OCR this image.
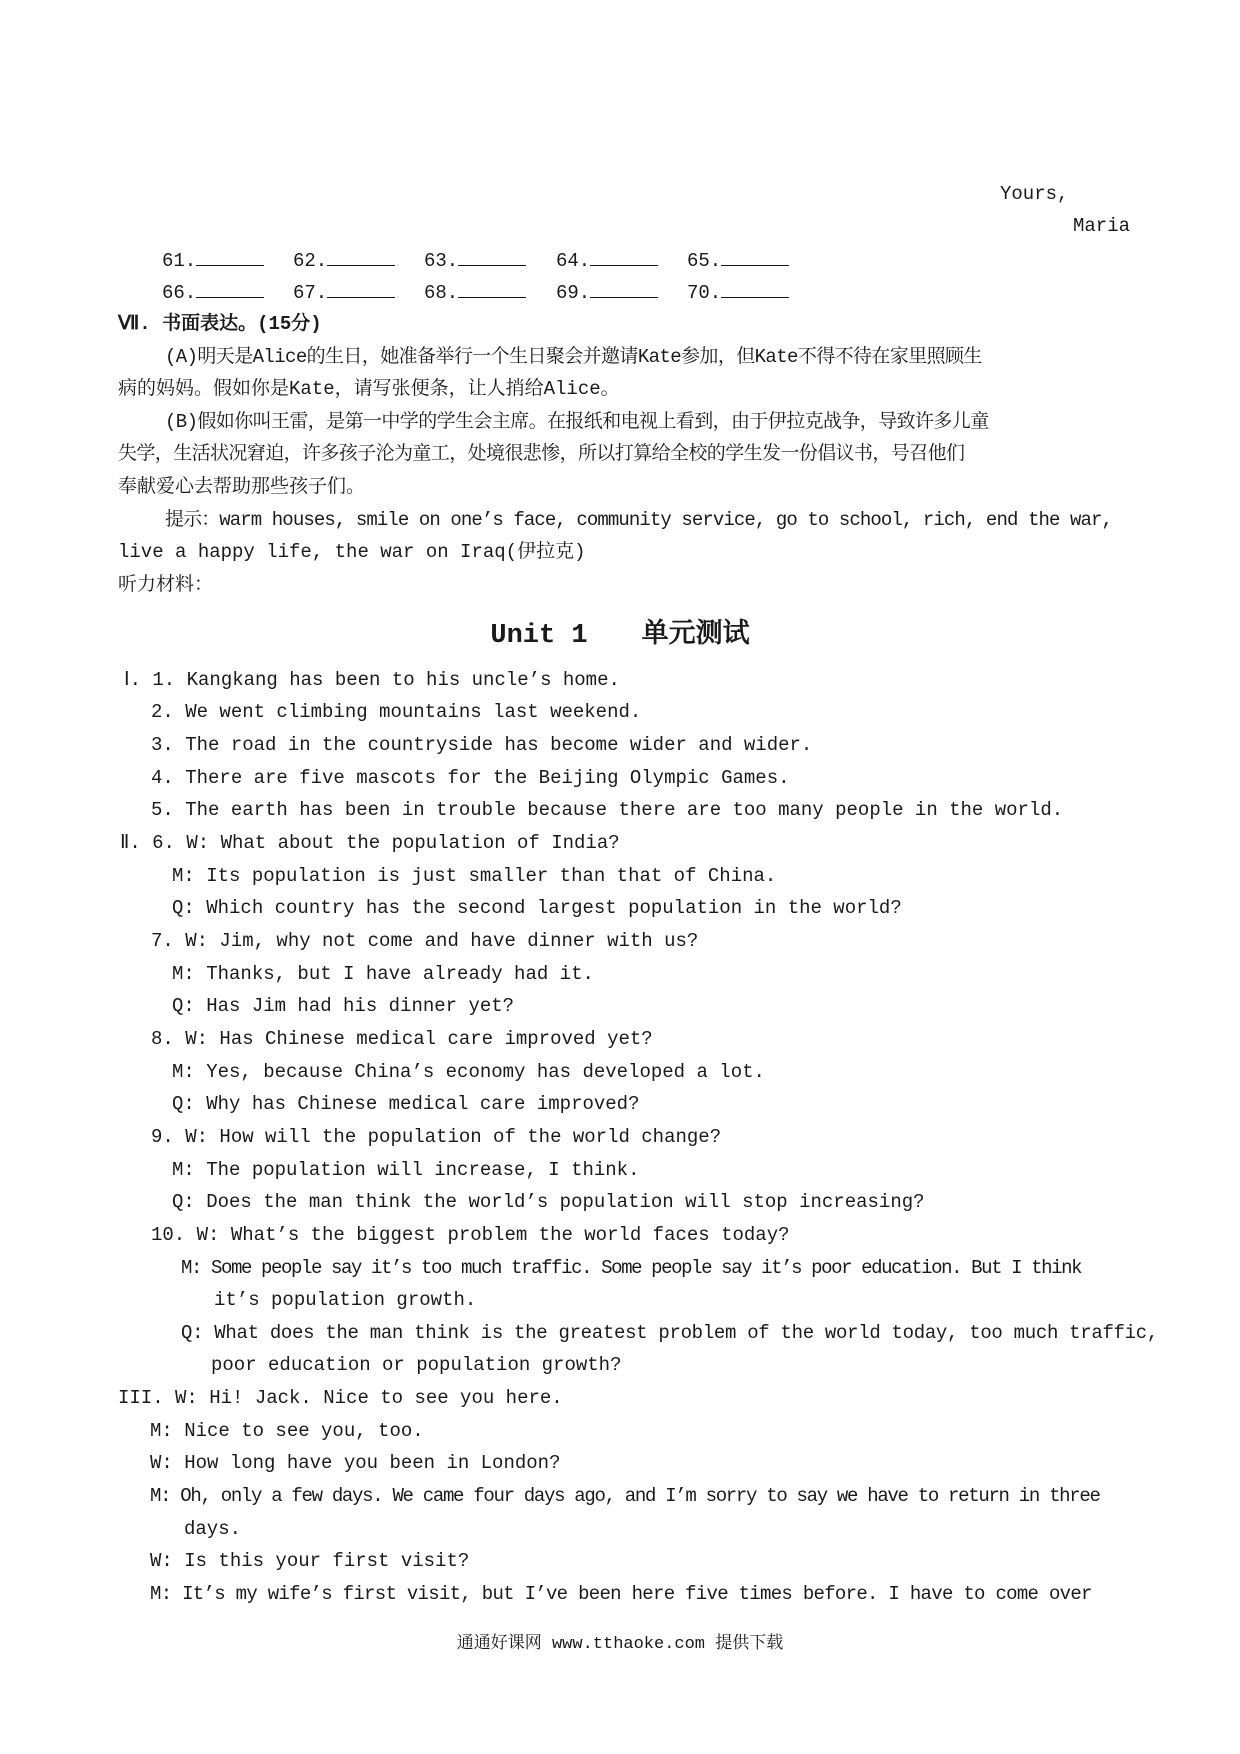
Yours,
Maria
61.	62.	63.	64.	65.
66.	67.	68.	69.	70.
Ⅶ. 书面表达。(15分)
(A)明天是Alice的生日，她准备举行一个生日聚会并邀请Kate参加，但Kate不得不待在家里照顾生
病的妈妈。假如你是Kate，请写张便条，让人捎给Alice。
(B)假如你叫王雷，是第一中学的学生会主席。在报纸和电视上看到，由于伊拉克战争，导致许多儿童
失学，生活状况窘迫，许多孩子沦为童工，处境很悲惨，所以打算给全校的学生发一份倡议书，号召他们
奉献爱心去帮助那些孩子们。
提示：warm houses, smile on one’s face, community service, go to school, rich, end the war,
live a happy life, the war on Iraq(伊拉克)
听力材料：
Unit 1　　单元测试
Ⅰ. 1. Kangkang has been to his uncle’s home.
2. We went climbing mountains last weekend.
3. The road in the countryside has become wider and wider.
4. There are five mascots for the Beijing Olympic Games.
5. The earth has been in trouble because there are too many people in the world.
Ⅱ. 6. W: What about the population of India?
M: Its population is just smaller than that of China.
Q: Which country has the second largest population in the world?
7. W: Jim, why not come and have dinner with us?
M: Thanks, but I have already had it.
Q: Has Jim had his dinner yet?
8. W: Has Chinese medical care improved yet?
M: Yes, because China’s economy has developed a lot.
Q: Why has Chinese medical care improved?
9. W: How will the population of the world change?
M: The population will increase, I think.
Q: Does the man think the world’s population will stop increasing?
10. W: What’s the biggest problem the world faces today?
M: Some people say it’s too much traffic. Some people say it’s poor education. But I think
it’s population growth.
Q: What does the man think is the greatest problem of the world today, too much traffic,
poor education or population growth?
III. W: Hi! Jack. Nice to see you here.
M: Nice to see you, too.
W: How long have you been in London?
M: Oh, only a few days. We came four days ago, and I’m sorry to say we have to return in three
days.
W: Is this your first visit?
M: It’s my wife’s first visit, but I’ve been here five times before. I have to come over
通通好课网 www.tthaoke.com 提供下载
